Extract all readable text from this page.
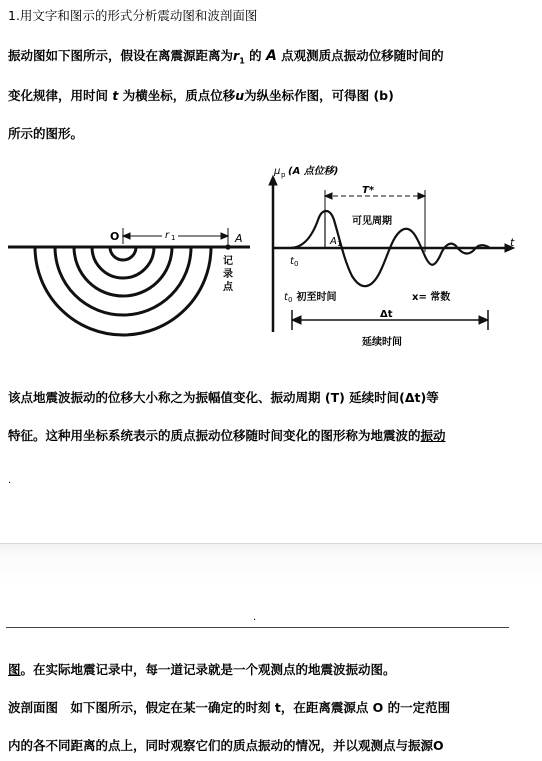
1.用文字和图示的形式分析震动图和波剖面图
振动图如下图所示，假设在离震源距离为$r_1$ 的 A 点观测质点振动位移随时间的
变化规律，用时间 t 为横坐标，质点位移u为纵坐标作图，可得图 (b)
所示的图形。
O	r 1	A
记
录
点
μ p (A 点位移)
t
T*
可见周期
A 1
t 0
t 0 初至时间	x= 常数
Δt
延续时间
该点地震波振动的位移大小称之为振幅值变化、振动周期 (T) 延续时间(Δt)等
特征。这种用坐标系统表示的质点振动位移随时间变化的图形称为地震波的振动
·
·
图。在实际地震记录中，每一道记录就是一个观测点的地震波振动图。
波剖面图　如下图所示，假定在某一确定的时刻 t，在距离震源点 O 的一定范围
内的各不同距离的点上，同时观察它们的质点振动的情况，并以观测点与振源O
